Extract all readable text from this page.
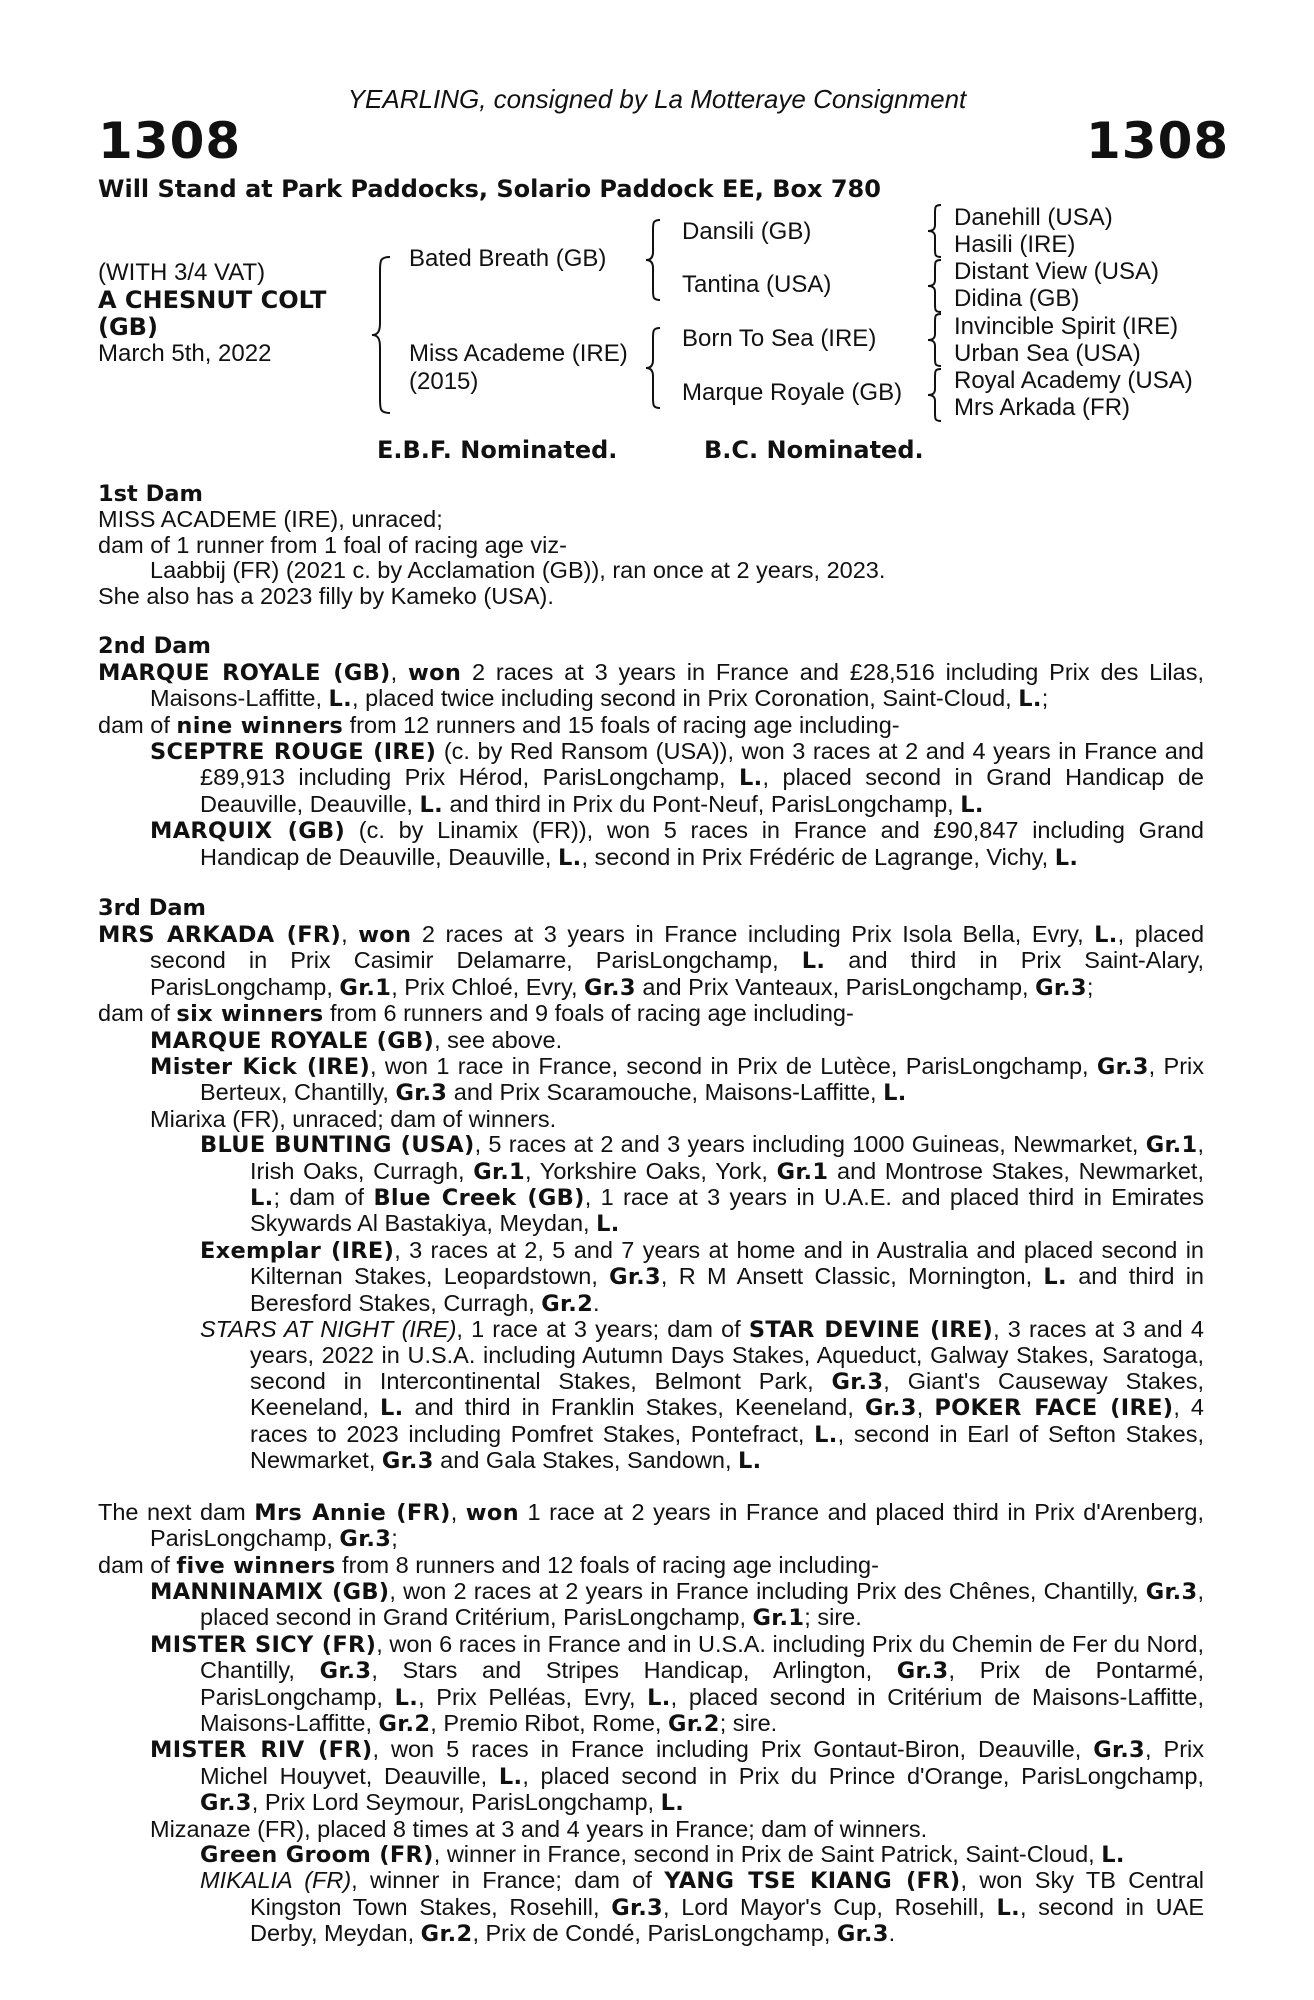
YEARLING, consigned by La Motteraye Consignment
1308	1308
Will Stand at Park Paddocks, Solario Paddock EE, Box 780
(WITH 3/4 VAT)
A CHESNUT COLT
(GB)
March 5th, 2022
Bated Breath (GB)
Miss Academe (IRE)
(2015)
Dansili (GB)
Tantina (USA)
Born To Sea (IRE)
Marque Royale (GB)
Danehill (USA)
Hasili (IRE)
Distant View (USA)
Didina (GB)
Invincible Spirit (IRE)
Urban Sea (USA)
Royal Academy (USA)
Mrs Arkada (FR)
E.B.F. Nominated.	B.C. Nominated.
1st Dam

MISS ACADEME (IRE), unraced;

dam of 1 runner from 1 foal of racing age viz-

Laabbij (FR) (2021 c. by Acclamation (GB)), ran once at 2 years, 2023.

She also has a 2023 filly by Kameko (USA).

2nd Dam

MARQUE ROYALE (GB), won 2 races at 3 years in France and £28,516 including Prix des Lilas, Maisons-Laffitte, L., placed twice including second in Prix Coronation, Saint-Cloud, L.;

dam of nine winners from 12 runners and 15 foals of racing age including-

SCEPTRE ROUGE (IRE) (c. by Red Ransom (USA)), won 3 races at 2 and 4 years in France and £89,913 including Prix Hérod, ParisLongchamp, L., placed second in Grand Handicap de Deauville, Deauville, L. and third in Prix du Pont-Neuf, ParisLongchamp, L.

MARQUIX (GB) (c. by Linamix (FR)), won 5 races in France and £90,847 including Grand Handicap de Deauville, Deauville, L., second in Prix Frédéric de Lagrange, Vichy, L.

3rd Dam

MRS ARKADA (FR), won 2 races at 3 years in France including Prix Isola Bella, Evry, L., placed second in Prix Casimir Delamarre, ParisLongchamp, L. and third in Prix Saint-Alary, ParisLongchamp, Gr.1, Prix Chloé, Evry, Gr.3 and Prix Vanteaux, ParisLongchamp, Gr.3;

dam of six winners from 6 runners and 9 foals of racing age including-

MARQUE ROYALE (GB), see above.

Mister Kick (IRE), won 1 race in France, second in Prix de Lutèce, ParisLongchamp, Gr.3, Prix Berteux, Chantilly, Gr.3 and Prix Scaramouche, Maisons-Laffitte, L.

Miarixa (FR), unraced; dam of winners.

BLUE BUNTING (USA), 5 races at 2 and 3 years including 1000 Guineas, Newmarket, Gr.1, Irish Oaks, Curragh, Gr.1, Yorkshire Oaks, York, Gr.1 and Montrose Stakes, Newmarket, L.; dam of Blue Creek (GB), 1 race at 3 years in U.A.E. and placed third in Emirates Skywards Al Bastakiya, Meydan, L.

Exemplar (IRE), 3 races at 2, 5 and 7 years at home and in Australia and placed second in Kilternan Stakes, Leopardstown, Gr.3, R M Ansett Classic, Mornington, L. and third in Beresford Stakes, Curragh, Gr.2.

STARS AT NIGHT (IRE), 1 race at 3 years; dam of STAR DEVINE (IRE), 3 races at 3 and 4 years, 2022 in U.S.A. including Autumn Days Stakes, Aqueduct, Galway Stakes, Saratoga, second in Intercontinental Stakes, Belmont Park, Gr.3, Giant's Causeway Stakes, Keeneland, L. and third in Franklin Stakes, Keeneland, Gr.3, POKER FACE (IRE), 4 races to 2023 including Pomfret Stakes, Pontefract, L., second in Earl of Sefton Stakes, Newmarket, Gr.3 and Gala Stakes, Sandown, L.

The next dam Mrs Annie (FR), won 1 race at 2 years in France and placed third in Prix d'Arenberg, ParisLongchamp, Gr.3;

dam of five winners from 8 runners and 12 foals of racing age including-

MANNINAMIX (GB), won 2 races at 2 years in France including Prix des Chênes, Chantilly, Gr.3, placed second in Grand Critérium, ParisLongchamp, Gr.1; sire.

MISTER SICY (FR), won 6 races in France and in U.S.A. including Prix du Chemin de Fer du Nord, Chantilly, Gr.3, Stars and Stripes Handicap, Arlington, Gr.3, Prix de Pontarmé, ParisLongchamp, L., Prix Pelléas, Evry, L., placed second in Critérium de Maisons-Laffitte, Maisons-Laffitte, Gr.2, Premio Ribot, Rome, Gr.2; sire.

MISTER RIV (FR), won 5 races in France including Prix Gontaut-Biron, Deauville, Gr.3, Prix Michel Houyvet, Deauville, L., placed second in Prix du Prince d'Orange, ParisLongchamp, Gr.3, Prix Lord Seymour, ParisLongchamp, L.

Mizanaze (FR), placed 8 times at 3 and 4 years in France; dam of winners.

Green Groom (FR), winner in France, second in Prix de Saint Patrick, Saint-Cloud, L.

MIKALIA (FR), winner in France; dam of YANG TSE KIANG (FR), won Sky TB Central Kingston Town Stakes, Rosehill, Gr.3, Lord Mayor's Cup, Rosehill, L., second in UAE Derby, Meydan, Gr.2, Prix de Condé, ParisLongchamp, Gr.3.
